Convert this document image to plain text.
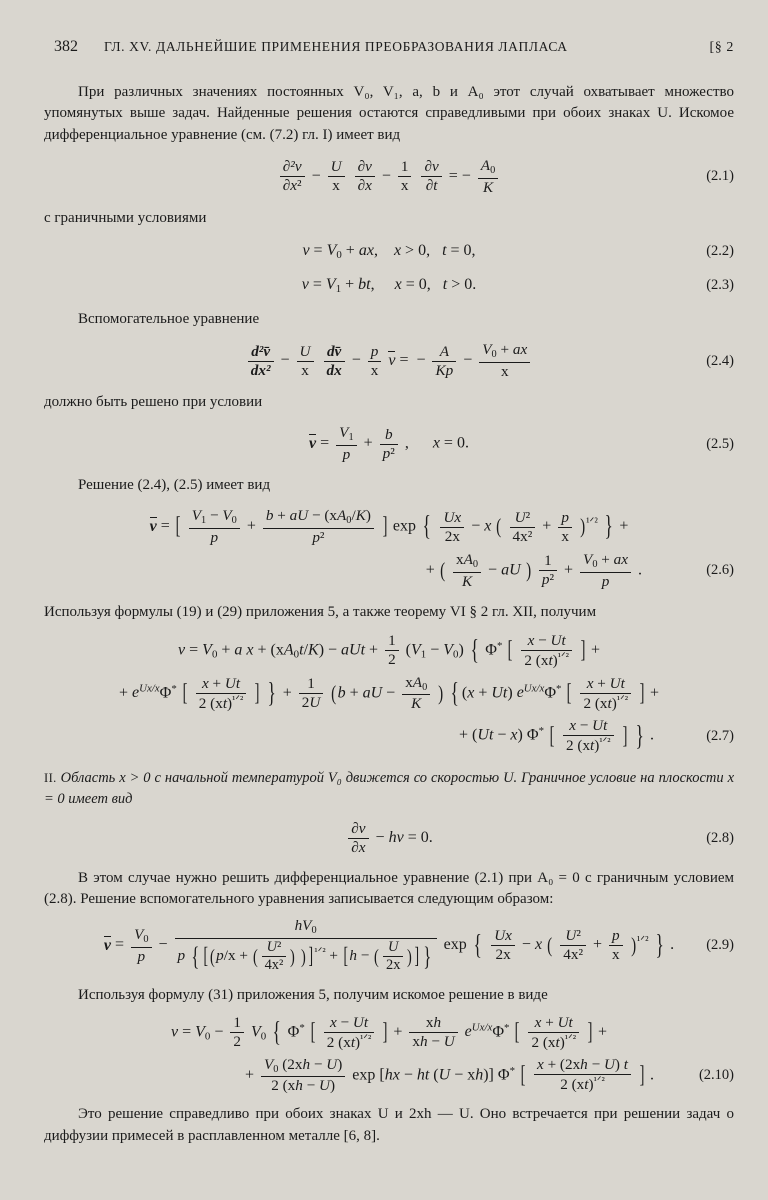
382 ГЛ. XV. ДАЛЬНЕЙШИЕ ПРИМЕНЕНИЯ ПРЕОБРАЗОВАНИЯ ЛАПЛАСА	[§ 2

При различных значениях постоянных V₀, V₁, a, b и A₀ этот случай охватывает множество упомянутых выше задач. Найденные решения остаются справедливыми при обоих знаках U. Искомое дифференциальное уравнение (см. (7.2) гл. I) имеет вид

$\frac{\text{∂²v}}{\text{∂x²}} - \frac{U}{х}$
$\frac{\partial v}{\partial x} - \frac{1}{х}$
$\frac{\partial v}{\partial t}$ = − $\frac{A_0}{K}$	(2.1)

с граничными условиями

$v = V_0$ + ax,    x > 0,   t = 0,	(2.2)
$v = V_1$ + bt,     x = 0,   t > 0.	(2.3)

Вспомогательное уравнение

$\frac{\text{d²v̄}}{\text{dx²}} - \frac{U}{х}$
$\frac{dv̄}{dx} - \frac{p}{х}$ v =  − $\frac{A}{Kp} - \frac{V_0 + ax}{х}$	(2.4)

должно быть решено при условии

$v = \frac{V_1}{p} + \frac{b}{\text{p²}}$ ,      x = 0.	(2.5)

Решение (2.4), (2.5) имеет вид

v = [ $\frac{V_1 - V_0}{p} + \frac{b + aU - (хA_0/K)}{\text{p²}}$ ] exp { $\frac{Ux}{2х} - x$ ( $\frac{\text{U²}}{\text{4х²}} + \frac{p}{х} )^{^1ᐟ^2}$ } +
+ ( $\frac{хA_0}{K}$ − aU ) $\frac{1}{\text{p²}} + \frac{V_0 + ax}{p}$ .	(2.6)

Используя формулы (19) и (29) приложения 5, а также теорему VI § 2 гл. XII, получим

$v = V_0 + a$ $x + (хA_0t/K)$ − aUt + $\frac{1}{2} (V_1 - V_0)$ { Φ* [ $\frac{x - Ut}{2 (хt)^{^1ᐟ^2}}$ ] +
+ $e^{Ux/х}\Phi^*$ [ $\frac{x + Ut}{2 (хt)^{^1ᐟ^2}}$ ] } + $\frac{1}{2U} (b$ + aU − $\frac{хA_0}{K}$ ) { (x + Ut) $e^{Ux/х}\Phi^*$ [ $\frac{x + Ut}{2 (хt)^{^1ᐟ^2}}$ ] +
+ (Ut − x) Φ* [ $\frac{x - Ut}{2 (хt)^{^1ᐟ^2}}$ ] } .	(2.7)

II. Область x > 0 с начальной температурой V₀ движется со скоростью U. Граничное условие на плоскости x = 0 имеет вид

$\frac{\partial v}{\partial x}$ − hv = 0.	(2.8)

В этом случае нужно решить дифференциальное уравнение (2.1) при A₀ = 0 с граничным условием (2.8). Решение вспомогательного уравнения записывается следующим образом:

$v = \frac{V_0}{p}$ −
$hV_0$
p { [ (p/х + ( $\frac{\text{U²}}{\text{4х²}}$ ) ) ] $^{^1ᐟ^2}$ + [h − ( $\frac{U}{2х}$ ) ] } exp { $\frac{Ux}{2х} - x$ ( $\frac{\text{U²}}{\text{4х²}} + \frac{p}{х} )^{^1ᐟ^2}$ } . (2.9)

Используя формулу (31) приложения 5, получим искомое решение в виде

$v = V_0 - \frac{1}{2} V_0$ { Φ* [ $\frac{x - Ut}{2 (хt)^{^1ᐟ^2}}$ ] + $\frac{хh}{хh - U} e^{Ux/х}\Phi^*$ [ $\frac{x + Ut}{2 (хt)^{^1ᐟ^2}}$ ] +
+ $\frac{V_0 (2хh - U)}{2 (хh - U)}$ exp [hx − ht (U − хh)] Φ* [ $\frac{x + (2хh - U) t}{2 (хt)^{^1ᐟ^2}}$ ] .	(2.10)

Это решение справедливо при обоих знаках U и 2хh — U. Оно встречается при решении задач о диффузии примесей в расплавленном металле [6, 8].
